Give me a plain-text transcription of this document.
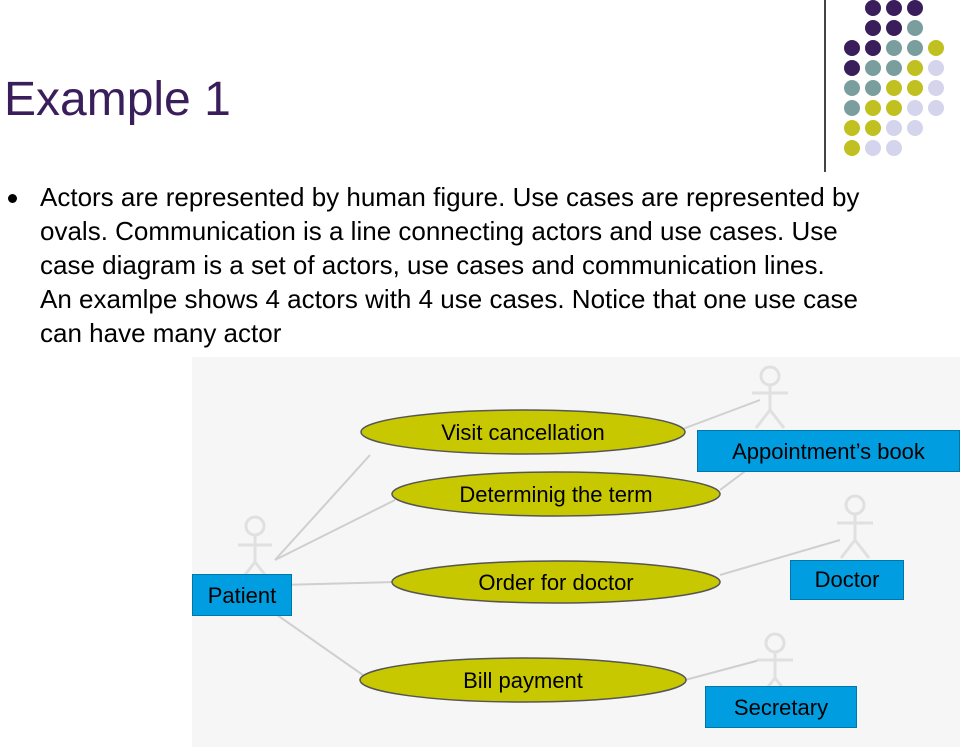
Example 1
Actors are represented by human figure. Use cases are represented by ovals. Communication is a line connecting actors and use cases. Use case diagram is a set of actors, use cases and communication lines. An examlpe shows 4 actors with 4 use cases. Notice that one use case can have many actor
Visit cancellation
Determinig the term
Order for doctor
Bill payment
Patient
Appointment’s book
Doctor
Secretary
